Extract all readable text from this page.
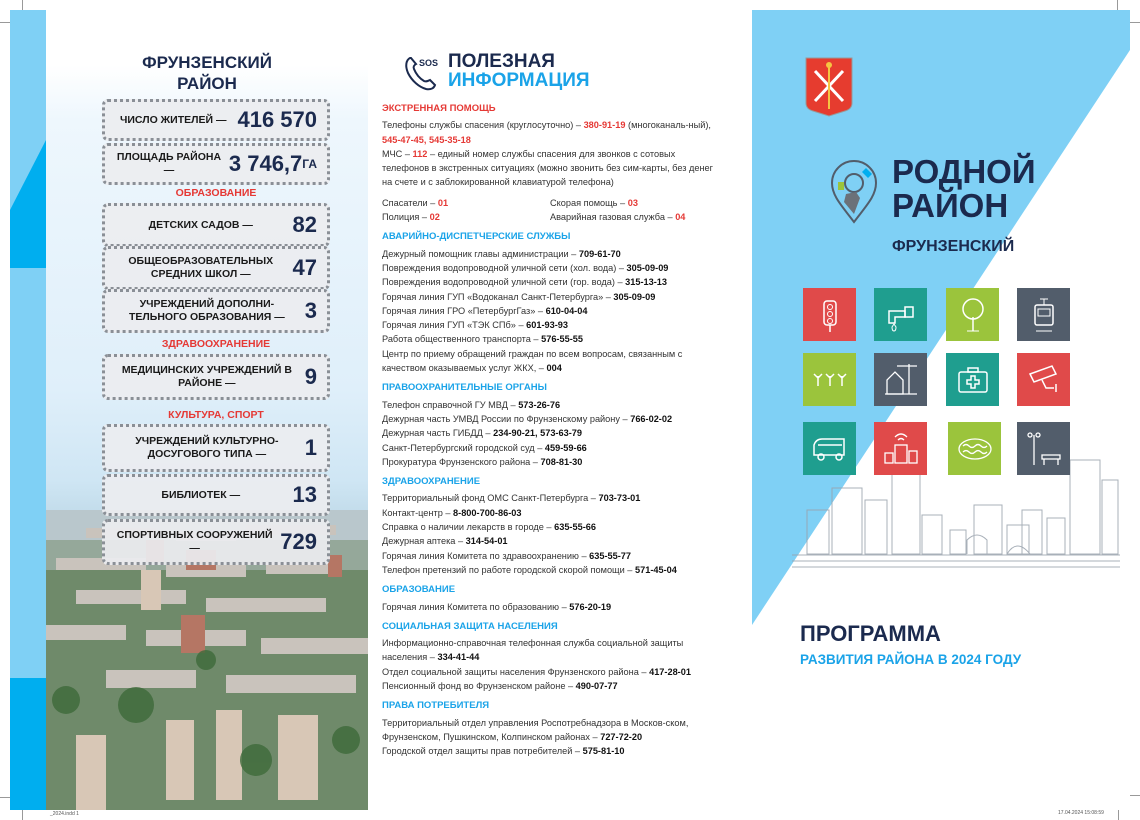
ФРУНЗЕНСКИЙ
РАЙОН
ЧИСЛО ЖИТЕЛЕЙ — 416 570
ПЛОЩАДЬ РАЙОНА —	3 746,7 ГА
ОБРАЗОВАНИЕ
ДЕТСКИХ САДОВ —	82
ОБЩЕОБРАЗОВАТЕЛЬНЫХ СРЕДНИХ ШКОЛ —	47
УЧРЕЖДЕНИЙ ДОПОЛНИ-ТЕЛЬНОГО ОБРАЗОВАНИЯ — 3
ЗДРАВООХРАНЕНИЕ
МЕДИЦИНСКИХ УЧРЕЖДЕНИЙ В РАЙОНЕ —	9
КУЛЬТУРА, СПОРТ
УЧРЕЖДЕНИЙ КУЛЬТУРНО-ДОСУГОВОГО ТИПА —	1
БИБЛИОТЕК —	13
СПОРТИВНЫХ СООРУЖЕНИЙ —	729
SOS ПОЛЕЗНАЯ
ИНФОРМАЦИЯ
ЭКСТРЕННАЯ ПОМОЩЬ
Телефоны службы спасения (круглосуточно) – 380-91-19 (многоканаль-ный), 545-47-45, 545-35-18
МЧС – 112 – единый номер службы спасения для звонков с сотовых телефонов в экстренных ситуациях (можно звонить без сим-карты, без денег на счете и с заблокированной клавиатурой телефона)
Спасатели – 01	Скорая помощь – 03
Полиция – 02	Аварийная газовая служба – 04
АВАРИЙНО-ДИСПЕТЧЕРСКИЕ СЛУЖБЫ
Дежурный помощник главы администрации – 709-61-70
Повреждения водопроводной уличной сети (хол. вода) – 305-09-09
Повреждения водопроводной уличной сети (гор. вода) – 315-13-13
Горячая линия ГУП «Водоканал Санкт-Петербурга» – 305-09-09
Горячая линия ГРО «ПетербургГаз» – 610-04-04
Горячая линия ГУП «ТЭК СПб» – 601-93-93
Работа общественного транспорта – 576-55-55
Центр по приему обращений граждан по всем вопросам, связанным с качеством оказываемых услуг ЖКХ, – 004
ПРАВООХРАНИТЕЛЬНЫЕ ОРГАНЫ
Телефон справочной ГУ МВД – 573-26-76
Дежурная часть УМВД России по Фрунзенскому району – 766-02-02
Дежурная часть ГИБДД – 234-90-21, 573-63-79
Санкт-Петербургский городской суд – 459-59-66
Прокуратура Фрунзенского района – 708-81-30
ЗДРАВООХРАНЕНИЕ
Территориальный фонд ОМС Санкт-Петербурга – 703-73-01
Контакт-центр – 8-800-700-86-03
Справка о наличии лекарств в городе – 635-55-66
Дежурная аптека – 314-54-01
Горячая линия Комитета по здравоохранению – 635-55-77
Телефон претензий по работе городской скорой помощи – 571-45-04
ОБРАЗОВАНИЕ
Горячая линия Комитета по образованию – 576-20-19
СОЦИАЛЬНАЯ ЗАЩИТА НАСЕЛЕНИЯ
Информационно-справочная телефонная служба социальной защиты населения – 334-41-44
Отдел социальной защиты населения Фрунзенского района – 417-28-01
Пенсионный фонд во Фрунзенском районе – 490-07-77
ПРАВА ПОТРЕБИТЕЛЯ
Территориальный отдел управления Роспотребнадзора в Москов-ском, Фрунзенском, Пушкинском, Колпинском районах – 727-72-20
Городской отдел защиты прав потребителей – 575-81-10
РОДНОЙ
РАЙОН
ФРУНЗЕНСКИЙ
ПРОГРАММА
РАЗВИТИЯ РАЙОНА В 2024 ГОДУ
_2024.indd 1	17.04.2024 15:08:59
